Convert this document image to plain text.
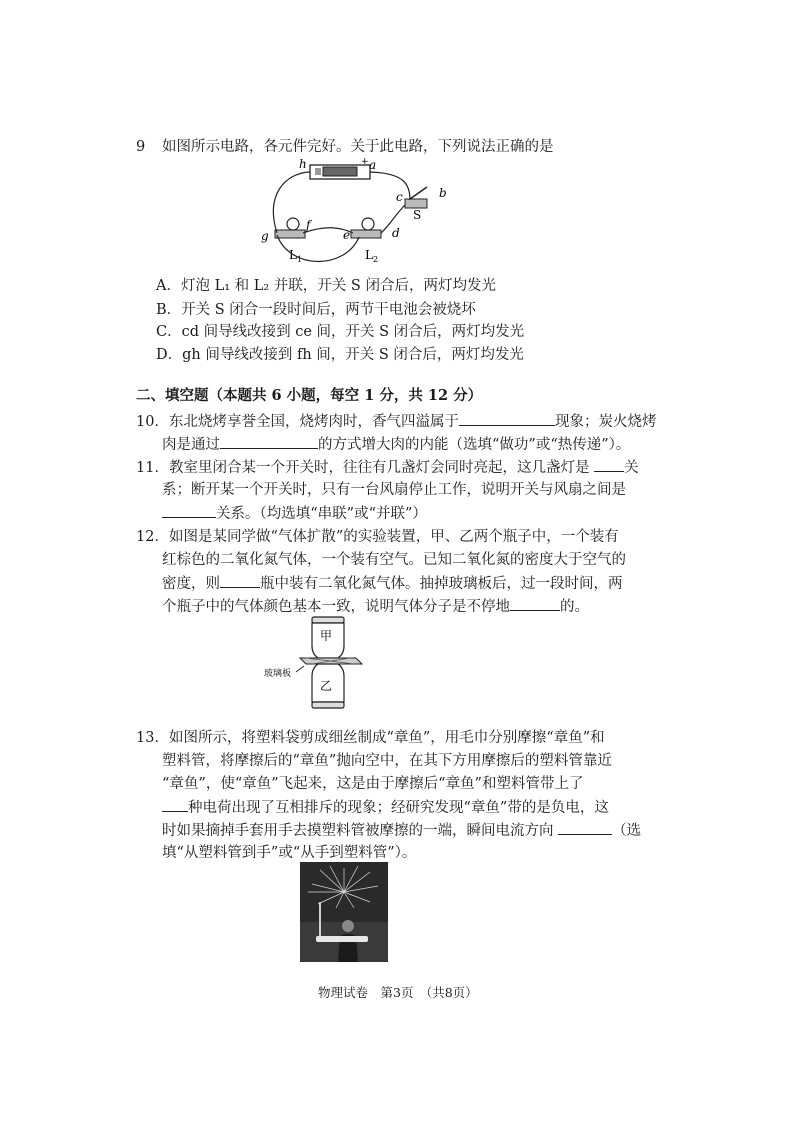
9 如图所示电路，各元件完好。关于此电路，下列说法正确的是
h	+ a
c	b
S
f
g
$L_1$
e	d
$L_2$
A．灯泡 L₁ 和 L₂ 并联，开关 S 闭合后，两灯均发光
B．开关 S 闭合一段时间后，两节干电池会被烧坏
C．cd 间导线改接到 ce 间，开关 S 闭合后，两灯均发光
D．gh 间导线改接到 fh 间，开关 S 闭合后，两灯均发光
二、填空题（本题共 6 小题，每空 1 分，共 12 分）
10．东北烧烤享誉全国，烧烤肉时，香气四溢属于	现象；炭火烧烤
肉是通过	的方式增大肉的内能（选填“做功”或“热传递”）。
11．教室里闭合某一个开关时，往往有几盏灯会同时亮起，这几盏灯是 关
系；断开某一个开关时，只有一台风扇停止工作，说明开关与风扇之间是
关系。（均选填“串联”或“并联”）
12．如图是某同学做“气体扩散”的实验装置，甲、乙两个瓶子中，一个装有
红棕色的二氧化氮气体，一个装有空气。已知二氧化氮的密度大于空气的
密度，则	瓶中装有二氧化氮气体。抽掉玻璃板后，过一段时间，两
个瓶子中的气体颜色基本一致，说明气体分子是不停地	的。
甲
玻璃板
乙
13．如图所示，将塑料袋剪成细丝制成“章鱼”，用毛巾分别摩擦“章鱼”和
塑料管，将摩擦后的“章鱼”抛向空中，在其下方用摩擦后的塑料管靠近
“章鱼”，使“章鱼”飞起来，这是由于摩擦后“章鱼”和塑料管带上了
种电荷出现了互相排斥的现象；经研究发现“章鱼”带的是负电，这
时如果摘掉手套用手去摸塑料管被摩擦的一端，瞬间电流方向	（选
填“从塑料管到手”或“从手到塑料管”）。
物理试卷　第3页　（共8页）
